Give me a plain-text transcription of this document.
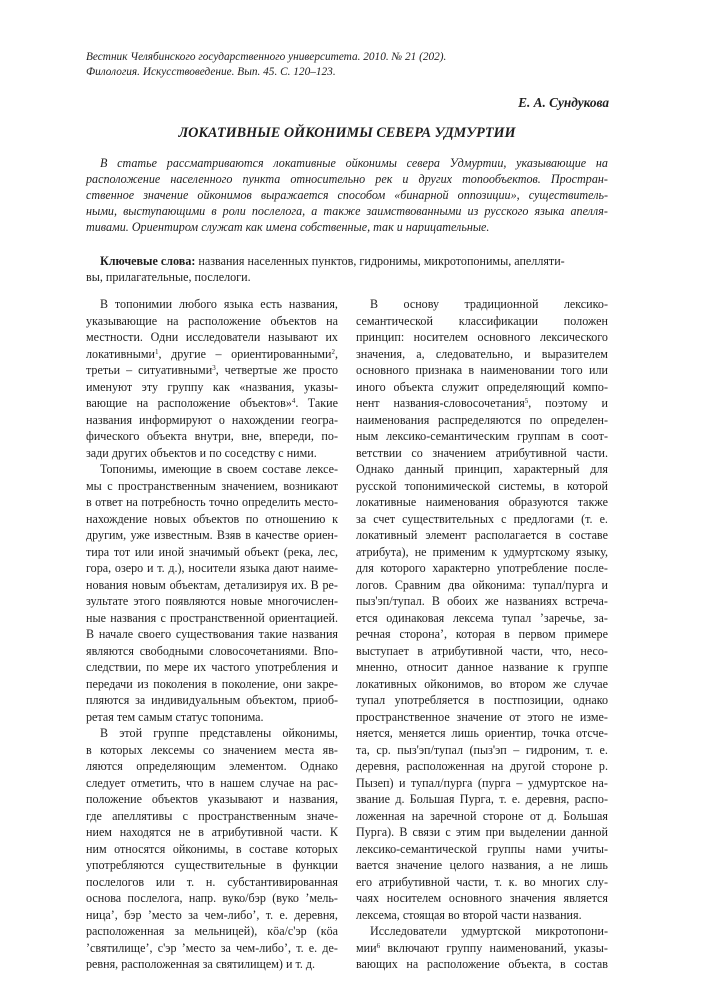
Вестник Челябинского государственного университета. 2010. № 21 (202).
Филология. Искусствоведение. Вып. 45. С. 120–123.
Е. А. Сундукова
ЛОКАТИВНЫЕ ОЙКОНИМЫ СЕВЕРА УДМУРТИИ
В статье рассматриваются локативные ойконимы севера Удмуртии, указывающие на
расположение населенного пункта относительно рек и других топообъектов. Простран-
ственное значение ойконимов выражается способом «бинарной оппозиции», существитель-
ными, выступающими в роли послелога, а также заимствованными из русского языка апелля-
тивами.
Ориентиром
служат
как
имена
собственные,
так
и
нарицательные.
Ключевые слова: названия населенных пунктов, гидронимы, микротопонимы, апелляти-
вы, прилагательные, послелоги.
В топонимии любого языка есть названия,
указывающие на расположение объектов на
местности. Одни исследователи называют их
локативными$^1$, другие – ориентированными$^2$,
третьи – ситуативными$^3$, четвертые же просто
именуют эту группу как «названия, указы-
вающие на расположение объектов»$^4$. Такие
названия информируют о нахождении геогра-
фического объекта внутри, вне, впереди, по-
зади
других
объектов
и
по
соседству
с
ними.
Топонимы, имеющие в своем составе лексе-
мы с пространственным значением, возникают
в ответ на потребность точно определить место-
нахождение новых объектов по отношению к
другим, уже известным. Взяв в качестве ориен-
тира тот или иной значимый объект (река, лес,
гора, озеро и т. д.), носители языка дают наиме-
нования новым объектам, детализируя их. В ре-
зультате этого появляются новые многочислен-
ные названия с пространственной ориентацией.
В начале своего существования такие названия
являются свободными словосочетаниями. Впо-
следствии, по мере их частого употребления и
передачи из поколения в поколение, они закре-
пляются за индивидуальным объектом, приоб-
ретая
тем
самым
статус
топонима.
В этой группе представлены ойконимы,
в которых лексемы со значением места яв-
ляются определяющим элементом. Однако
следует отметить, что в нашем случае на рас-
положение объектов указывают и названия,
где апеллятивы с пространственным значе-
нием находятся не в атрибутивной части. К
ним относятся ойконимы, в составе которых
употребляются существительные в функции
послелогов или т. н. субстантивированная
основа послелога, напр. вуко/бэр (вуко ’мель-
ница’, бэр ’место за чем-либо’, т. е. деревня,
расположенная за мельницей), кӧа/с'эр (кӧа
’святилище’, с'эр ’место за чем-либо’, т. е. де-
ревня,
расположенная
за
святилищем)
и
т.
д.
В основу традиционной лексико-
семантической классификации положен
принцип: носителем основного лексического
значения, а, следовательно, и выразителем
основного признака в наименовании того или
иного объекта служит определяющий компо-
нент названия-словосочетания$^5$, поэтому и
наименования распределяются по определен-
ным лексико-семантическим группам в соот-
ветствии со значением атрибутивной части.
Однако данный принцип, характерный для
русской топонимической системы, в которой
локативные наименования образуются также
за счет существительных с предлогами (т. е.
локативный элемент располагается в составе
атрибута), не применим к удмуртскому языку,
для которого характерно употребление после-
логов. Сравним два ойконима: тупал/пурга и
пыз'эп/тупал. В обоих же названиях встреча-
ется одинаковая лексема тупал ’заречье, за-
речная сторона’, которая в первом примере
выступает в атрибутивной части, что, несо-
мненно, относит данное название к группе
локативных ойконимов, во втором же случае
тупал употребляется в постпозиции, однако
пространственное значение от этого не изме-
няется, меняется лишь ориентир, точка отсче-
та, ср. пыз'эп/тупал (пыз'эп – гидроним, т. е.
деревня, расположенная на другой стороне р.
Пызеп) и тупал/пурга (пурга – удмуртское на-
звание д. Большая Пурга, т. е. деревня, распо-
ложенная на заречной стороне от д. Большая
Пурга). В связи с этим при выделении данной
лексико-семантической группы нами учиты-
вается значение целого названия, а не лишь
его атрибутивной части, т. к. во многих слу-
чаях носителем основного значения является
лексема,
стоящая
во
второй
части
названия.
Исследователи удмуртской микротопони-
мии$^6$ включают группу наименований, указы-
вающих на расположение объекта, в состав
